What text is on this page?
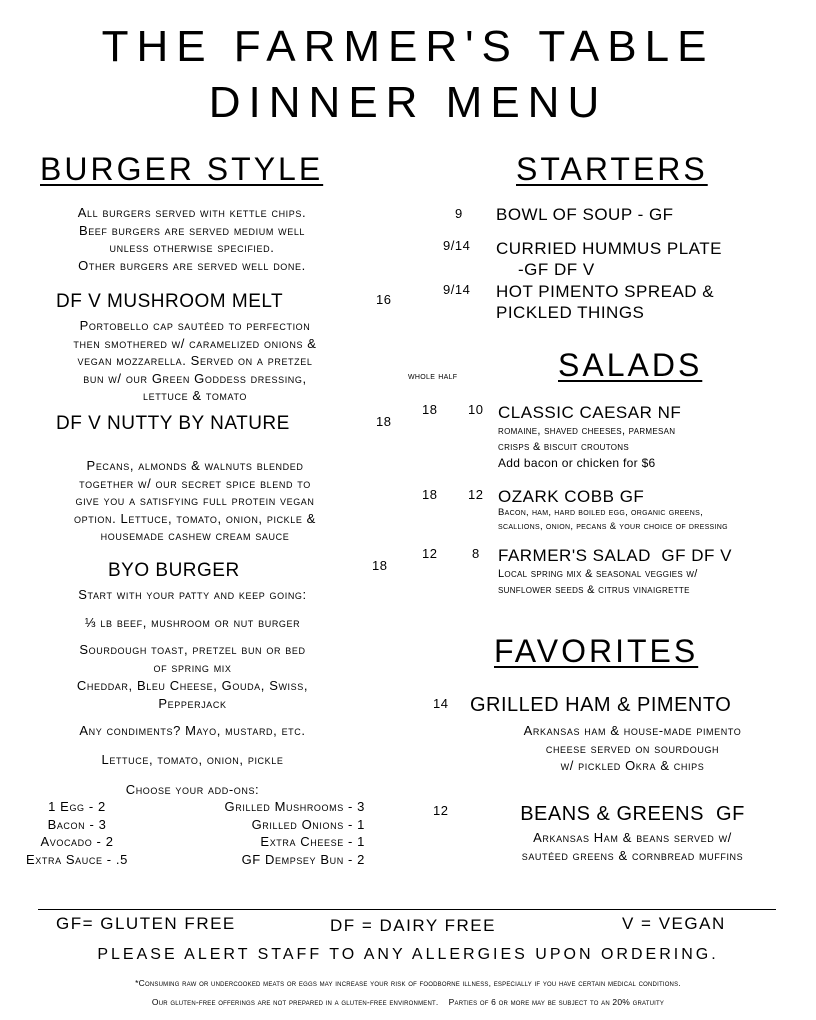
THE FARMER'S TABLE
DINNER MENU
BURGER STYLE
All burgers served with kettle chips.
Beef burgers are served medium well
unless otherwise specified.
Other burgers are served well done.
DF V MUSHROOM MELT	16
Portobello cap sautéed to perfection
then smothered w/ caramelized onions &
vegan mozzarella. Served on a pretzel
bun w/ our Green Goddess dressing,
lettuce & tomato
DF V NUTTY BY NATURE	18
Pecans, almonds & walnuts blended
together w/ our secret spice blend to
give you a satisfying full protein vegan
option. Lettuce, tomato, onion, pickle &
housemade cashew cream sauce
BYO BURGER	18
Start with your patty and keep going:
⅓ lb beef, mushroom or nut burger
Sourdough toast, pretzel bun or bed
of spring mix
Cheddar, Bleu Cheese, Gouda, Swiss,
Pepperjack
Any condiments? Mayo, mustard, etc.
Lettuce, tomato, onion, pickle
Choose your add-ons:
1 Egg - 2
Bacon - 3
Avocado - 2
Extra Sauce - .5
Grilled Mushrooms - 3
Grilled Onions - 1
Extra Cheese - 1
GF Dempsey Bun - 2
STARTERS
9 BOWL OF SOUP - GF
9/14 CURRIED HUMMUS PLATE
-GF DF V
9/14 HOT PIMENTO SPREAD &
PICKLED THINGS
whole half	SALADS
18 10 CLASSIC CAESAR NF
romaine, shaved cheeses, parmesan
crisps & biscuit croutons
Add bacon or chicken for $6
18 12 OZARK COBB GF
Bacon, ham, hard boiled egg, organic greens,
scallions, onion, pecans & your choice of dressing
12	8 FARMER'S SALAD GF DF V
Local spring mix & seasonal veggies w/
sunflower seeds & citrus vinaigrette
FAVORITES
14 GRILLED HAM & PIMENTO
Arkansas ham & house-made pimento
cheese served on sourdough
w/ pickled Okra & chips
12	BEANS & GREENS GF
Arkansas Ham & beans served w/
sautéed greens & cornbread muffins
GF= GLUTEN FREE	DF = DAIRY FREE	V = VEGAN
PLEASE ALERT STAFF TO ANY ALLERGIES UPON ORDERING.
*Consuming raw or undercooked meats or eggs may increase your risk of foodborne illness, especially if you have certain medical conditions.
Our gluten-free offerings are not prepared in a gluten-free environment.    Parties of 6 or more may be subject to an 20% gratuity
